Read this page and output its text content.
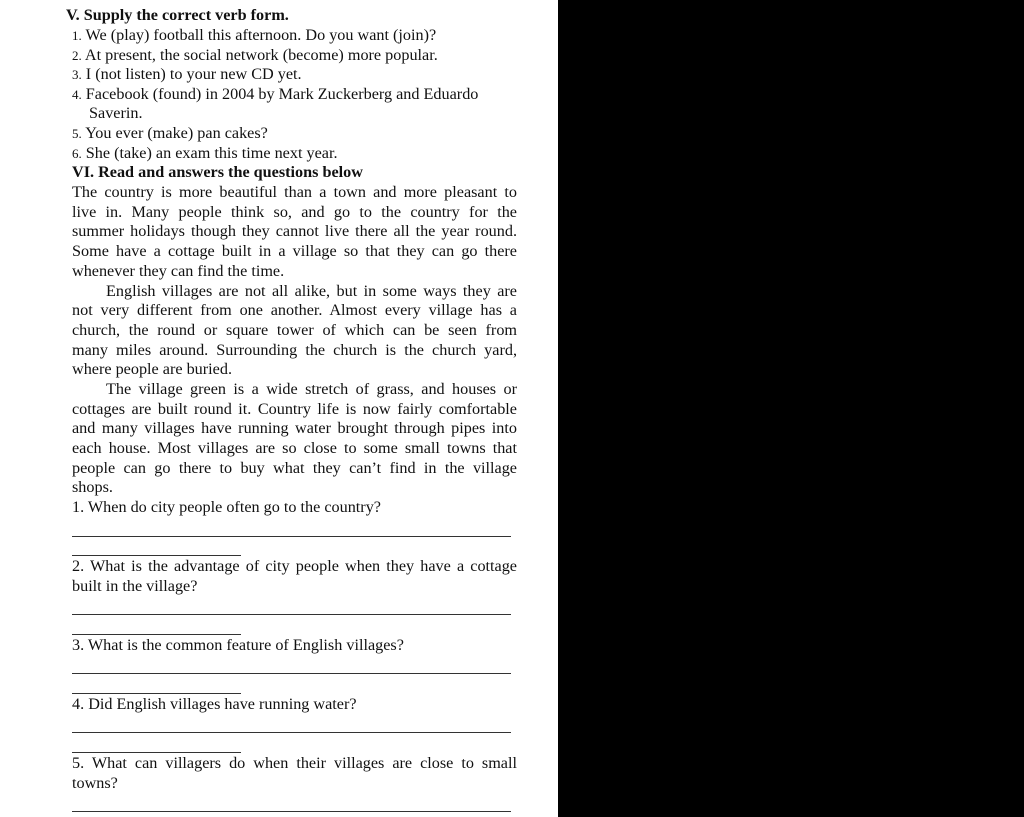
V. Supply the correct verb form.
1. We (play) football this afternoon. Do you want (join)?
2. At present, the social network (become) more popular.
3. I (not listen) to your new CD yet.
4. Facebook (found) in 2004 by Mark Zuckerberg and Eduardo
Saverin.
5. You ever (make) pan cakes?
6. She (take) an exam this time next year.
VI. Read and answers the questions below
The country is more beautiful than a town and more pleasant to
live in. Many people think so, and go to the country for the
summer holidays though they cannot live there all the year round.
Some have a cottage built in a village so that they can go there
whenever they can find the time.
English villages are not all alike, but in some ways they are
not very different from one another. Almost every village has a
church, the round or square tower of which can be seen from
many miles around. Surrounding the church is the church yard,
where people are buried.
The village green is a wide stretch of grass, and houses or
cottages are built round it. Country life is now fairly comfortable
and many villages have running water brought through pipes into
each house. Most villages are so close to some small towns that
people can go there to buy what they can’t find in the village
shops.
1. When do city people often go to the country?
2. What is the advantage of city people when they have a cottage
built in the village?
3. What is the common feature of English villages?
4. Did English villages have running water?
5. What can villagers do when their villages are close to small
towns?
